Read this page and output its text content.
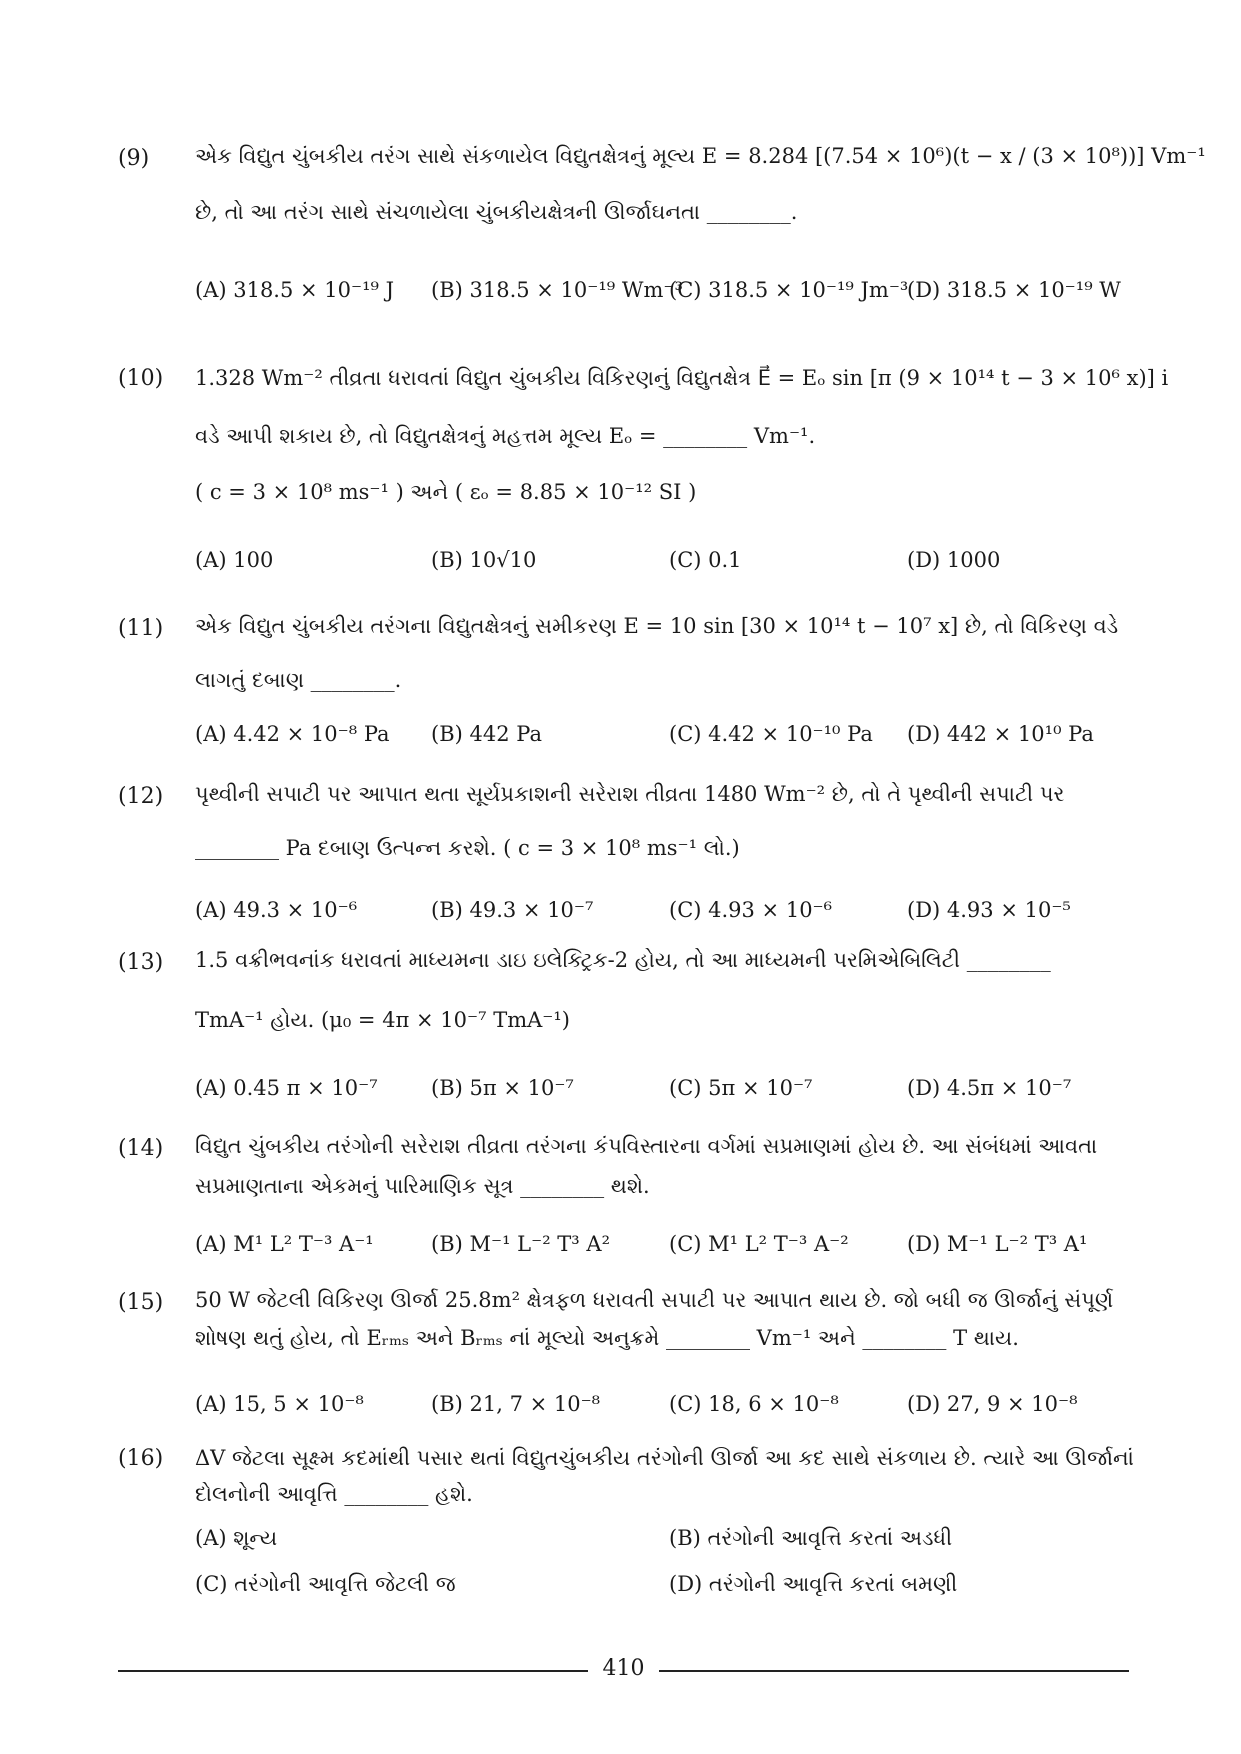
(9) એક વિદ્યુત ચુંબકીય તરંગ સાથે સંકળાયેલ વિદ્યુતક્ષેત્રનું મૂલ્ય E = 8.284 [(7.54 × 10⁶)(t − x / (3 × 10⁸))] Vm⁻¹
છે, તો આ તરંગ સાથે સંચળાયેલા ચુંબકીયક્ષેત્રની ઊર્જાઘનતા ________.
(A) 318.5 × 10⁻¹⁹ J (B) 318.5 × 10⁻¹⁹ Wm⁻³
(C) 318.5 × 10⁻¹⁹ Jm⁻³
(D) 318.5 × 10⁻¹⁹ W
(10) 1.328 Wm⁻² તીવ્રતા ધરાવતાં વિદ્યુત ચુંબકીય વિકિરણનું વિદ્યુતક્ષેત્ર E⃗ = Eₒ sin [π (9 × 10¹⁴ t − 3 × 10⁶ x)] i
વડે આપી શકાય છે, તો વિદ્યુતક્ષેત્રનું મહત્તમ મૂલ્ય Eₒ = ________ Vm⁻¹.
( c = 3 × 10⁸ ms⁻¹ ) અને ( εₒ = 8.85 × 10⁻¹² SI )
(A) 100	(B) 10√10	(C) 0.1	(D) 1000
(11) એક વિદ્યુત ચુંબકીય તરંગના વિદ્યુતક્ષેત્રનું સમીકરણ E = 10 sin [30 × 10¹⁴ t − 10⁷ x] છે, તો વિકિરણ વડે
લાગતું દબાણ ________.
(A) 4.42 × 10⁻⁸ Pa (B) 442 Pa	(C) 4.42 × 10⁻¹⁰ Pa (D) 442 × 10¹⁰ Pa
(12) પૃથ્વીની સપાટી પર આપાત થતા સૂર્યપ્રકાશની સરેરાશ તીવ્રતા 1480 Wm⁻² છે, તો તે પૃથ્વીની સપાટી પર
________ Pa દબાણ ઉત્પન્ન કરશે. ( c = 3 × 10⁸ ms⁻¹ લો.)
(A) 49.3 × 10⁻⁶	(B) 49.3 × 10⁻⁷	(C) 4.93 × 10⁻⁶	(D) 4.93 × 10⁻⁵
(13) 1.5 વક્રીભવનાંક ધરાવતાં માધ્યમના ડાઇ ઇલેક્ટ્રિક-2 હોય, તો આ માધ્યમની પરમિએબિલિટી ________
TmA⁻¹ હોય. (μ₀ = 4π × 10⁻⁷ TmA⁻¹)
(A) 0.45 π × 10⁻⁷	(B) 5π × 10⁻⁷	(C) 5π × 10⁻⁷	(D) 4.5π × 10⁻⁷
(14) વિદ્યુત ચુંબકીય તરંગોની સરેરાશ તીવ્રતા તરંગના કંપવિસ્તારના વર્ગમાં સપ્રમાણમાં હોય છે. આ સંબંધમાં આવતા
સપ્રમાણતાના એકમનું પારિમાણિક સૂત્ર ________ થશે.
(A) M¹ L² T⁻³ A⁻¹	(B) M⁻¹ L⁻² T³ A²	(C) M¹ L² T⁻³ A⁻²	(D) M⁻¹ L⁻² T³ A¹
(15) 50 W જેટલી વિકિરણ ઊર્જા 25.8m² ક્ષેત્રફળ ધરાવતી સપાટી પર આપાત થાય છે. જો બધી જ ઊર્જાનું સંપૂર્ણ
શોષણ થતું હોય, તો Eᵣₘₛ અને Bᵣₘₛ નાં મૂલ્યો અનુક્રમે ________ Vm⁻¹ અને ________ T થાય.
(A) 15, 5 × 10⁻⁸	(B) 21, 7 × 10⁻⁸	(C) 18, 6 × 10⁻⁸	(D) 27, 9 × 10⁻⁸
(16) ΔV જેટલા સૂક્ષ્મ કદમાંથી પસાર થતાં વિદ્યુતચુંબકીય તરંગોની ઊર્જા આ કદ સાથે સંકળાય છે. ત્યારે આ ઊર્જાનાં
દોલનોની આવૃત્તિ ________ હશે.
(A) શૂન્ય	(B) તરંગોની આવૃત્તિ કરતાં અડધી
(C) તરંગોની આવૃત્તિ જેટલી જ	(D) તરંગોની આવૃત્તિ કરતાં બમણી
410
